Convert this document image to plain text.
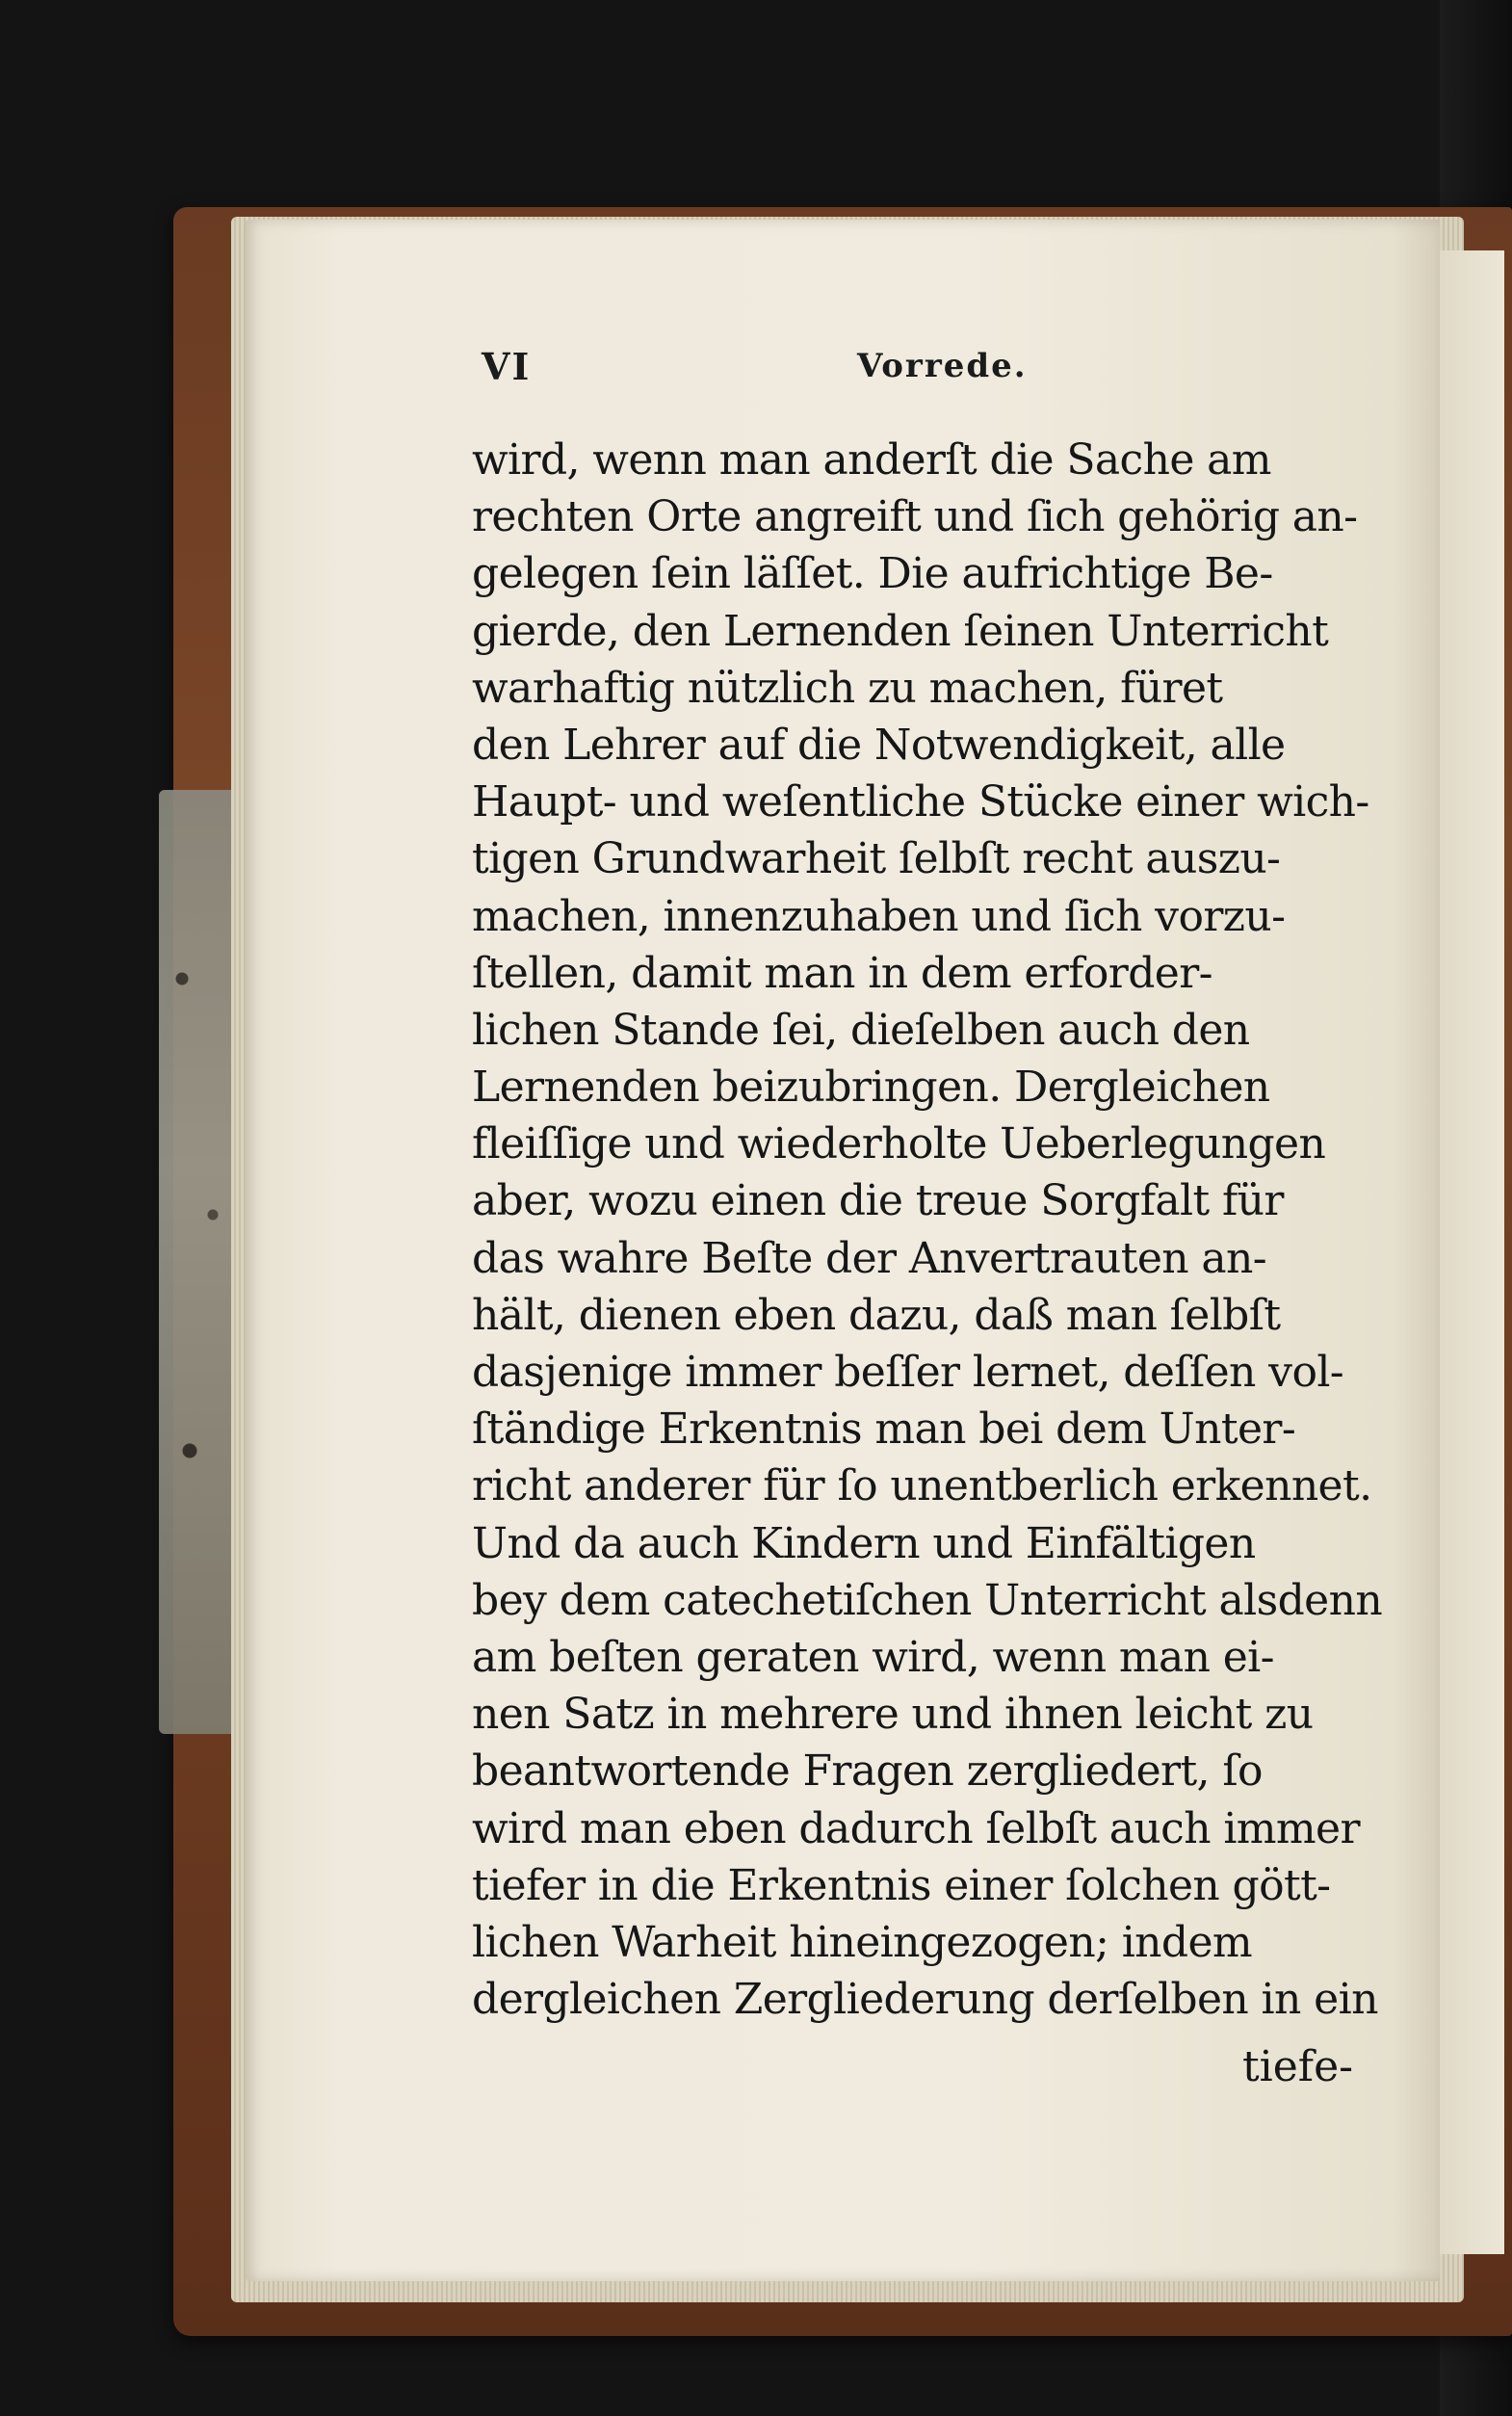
VI	Vorrede.
wird, wenn man anderſt die Sache am
rechten Orte angreift und ſich gehörig an-
gelegen ſein läſſet. Die aufrichtige Be-
gierde, den Lernenden ſeinen Unterricht
warhaftig nützlich zu machen, füret
den Lehrer auf die Notwendigkeit, alle
Haupt- und weſentliche Stücke einer wich-
tigen Grundwarheit ſelbſt recht auszu-
machen, innenzuhaben und ſich vorzu-
ſtellen, damit man in dem erforder-
lichen Stande ſei, dieſelben auch den
Lernenden beizubringen. Dergleichen
fleiſſige und wiederholte Ueberlegungen
aber, wozu einen die treue Sorgfalt für
das wahre Beſte der Anvertrauten an-
hält, dienen eben dazu, daß man ſelbſt
dasjenige immer beſſer lernet, deſſen vol-
ſtändige Erkentnis man bei dem Unter-
richt anderer für ſo unentberlich erkennet.
Und da auch Kindern und Einfältigen
bey dem catechetiſchen Unterricht alsdenn
am beſten geraten wird, wenn man ei-
nen Satz in mehrere und ihnen leicht zu
beantwortende Fragen zergliedert, ſo
wird man eben dadurch ſelbſt auch immer
tiefer in die Erkentnis einer ſolchen gött-
lichen Warheit hineingezogen; indem
dergleichen Zergliederung derſelben in ein
tiefe-
